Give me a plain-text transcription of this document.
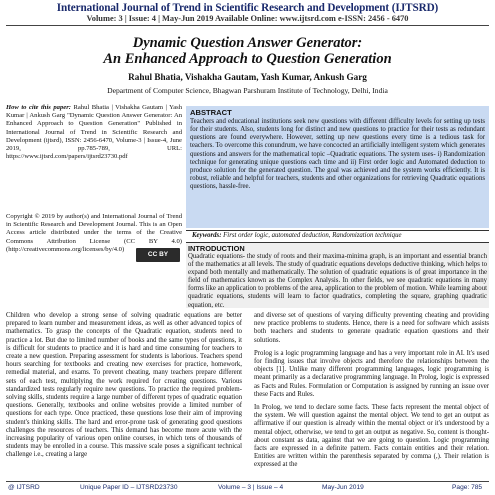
International Journal of Trend in Scientific Research and Development (IJTSRD)
Volume: 3 | Issue: 4 | May-Jun 2019 Available Online: www.ijtsrd.com e-ISSN: 2456 - 6470
Dynamic Question Answer Generator:
An Enhanced Approach to Question Generation
Rahul Bhatia, Vishakha Gautam, Yash Kumar, Ankush Garg
Department of Computer Science, Bhagwan Parshuram Institute of Technology, Delhi, India
How to cite this paper: Rahul Bhatia | Vishakha Gautam | Yash Kumar | Ankush Garg "Dynamic Question Answer Generator: An Enhanced Approach to Question Generation" Published in International Journal of Trend in Scientific Research and Development (ijtsrd), ISSN: 2456-6470, Volume-3 | Issue-4, June 2019, pp.785-789, URL: https://www.ijtsrd.com/papers/ijtsrd23730.pdf
Copyright © 2019 by author(s) and International Journal of Trend in Scientific Research and Development Journal. This is an Open Access article distributed under the terms of the Creative Commons Attribution License (CC BY 4.0) (http://creativecommons.org/licenses/by/4.0)
CC BY
ABSTRACT
Teachers and educational institutions seek new questions with different difficulty levels for setting up tests for their students. Also, students long for distinct and new questions to practice for their tests as redundant questions are found everywhere. However, setting up new questions every time is a tedious task for teachers. To overcome this conundrum, we have concocted an artificially intelligent system which generates questions and answers for the mathematical topic –Quadratic equations. The system uses- i) Randomization technique for generating unique questions each time and ii) First order logic and Automated deduction to produce solution for the generated question. The goal was achieved and the system works efficiently. It is robust, reliable and helpful for teachers, students and other organizations for retrieving Quadratic equations questions, hassle-free.
Keywords: First order logic, automated deduction, Randomization technique
INTRODUCTION
Quadratic equations- the study of roots and their maxima-minima graph, is an important and essential branch of the mathematics at all levels. The study of quadratic equations develops deductive thinking, which helps to expand both mentally and mathematically. The solution of quadratic equations is of great importance in the field of mathematics known as the Complex Analysis. In other fields, we see quadratic equations in many forms like an application to problems of the area, application to the problem of motion. While learning about quadratic equations, students will learn to factor quadratics, completing the square, graphing quadratic equation, etc.
Children who develop a strong sense of solving quadratic equations are better prepared to learn number and measurement ideas, as well as other advanced topics of mathematics. To grasp the concepts of the Quadratic equation, students need to practice a lot. But due to limited number of books and the same types of questions, it is difficult for students to practice and it is hard and time consuming for teachers to create a new question. Preparing assessment for students is laborious. Teachers spend hours searching for textbooks and creating new exercises for practice, homework, remedial material, and exams. To prevent cheating, many teachers prepare different sets of each test, multiplying the work required for creating questions. Various standardized tests regularly require new questions. To practice the required problem-solving skills, students require a large number of different types of quadratic equation questions. Generally, textbooks and online websites provide a limited number of questions for each type. Once practiced, these questions lose their aim of improving student's thinking skills. The hard and error-prone task of generating good questions challenges the resources of teachers. This demand has become more acute with the increasing popularity of various open online courses, in which tens of thousands of students may be enrolled in a course. This massive scale poses a significant technical challenge i.e., creating a large

and diverse set of questions of varying difficulty preventing cheating and providing new practice problems to students. Hence, there is a need for software which assists both teachers and students to generate quadratic equation questions and their solutions.

Prolog is a logic programming language and has a very important role in AI. It's used for finding issues that involve objects and therefore the relationships between the objects [1]. Unlike many different programming languages, logic programming is meant primarily as a declarative programming language. In Prolog, logic is expressed as Facts and Rules. Formulation or Computation is assigned by running an issue over these Facts and Rules.

In Prolog, we tend to declare some facts. These facts represent the mental object of the system. We will question against the mental object. We tend to get an output as affirmative if our question is already within the mental object or it's understood by a mental object, otherwise, we tend to get an output as negative. So, content is thought-about constant as data, against that we are going to question. Logic programming facts are expressed in a definite pattern. Facts contain entities and their relation. Entities are written within the parenthesis separated by comma (,). Their relation is expressed at the

@ IJTSRD	Unique Paper ID – IJTSRD23730	Volume – 3 | Issue – 4	May-Jun 2019	Page: 785
